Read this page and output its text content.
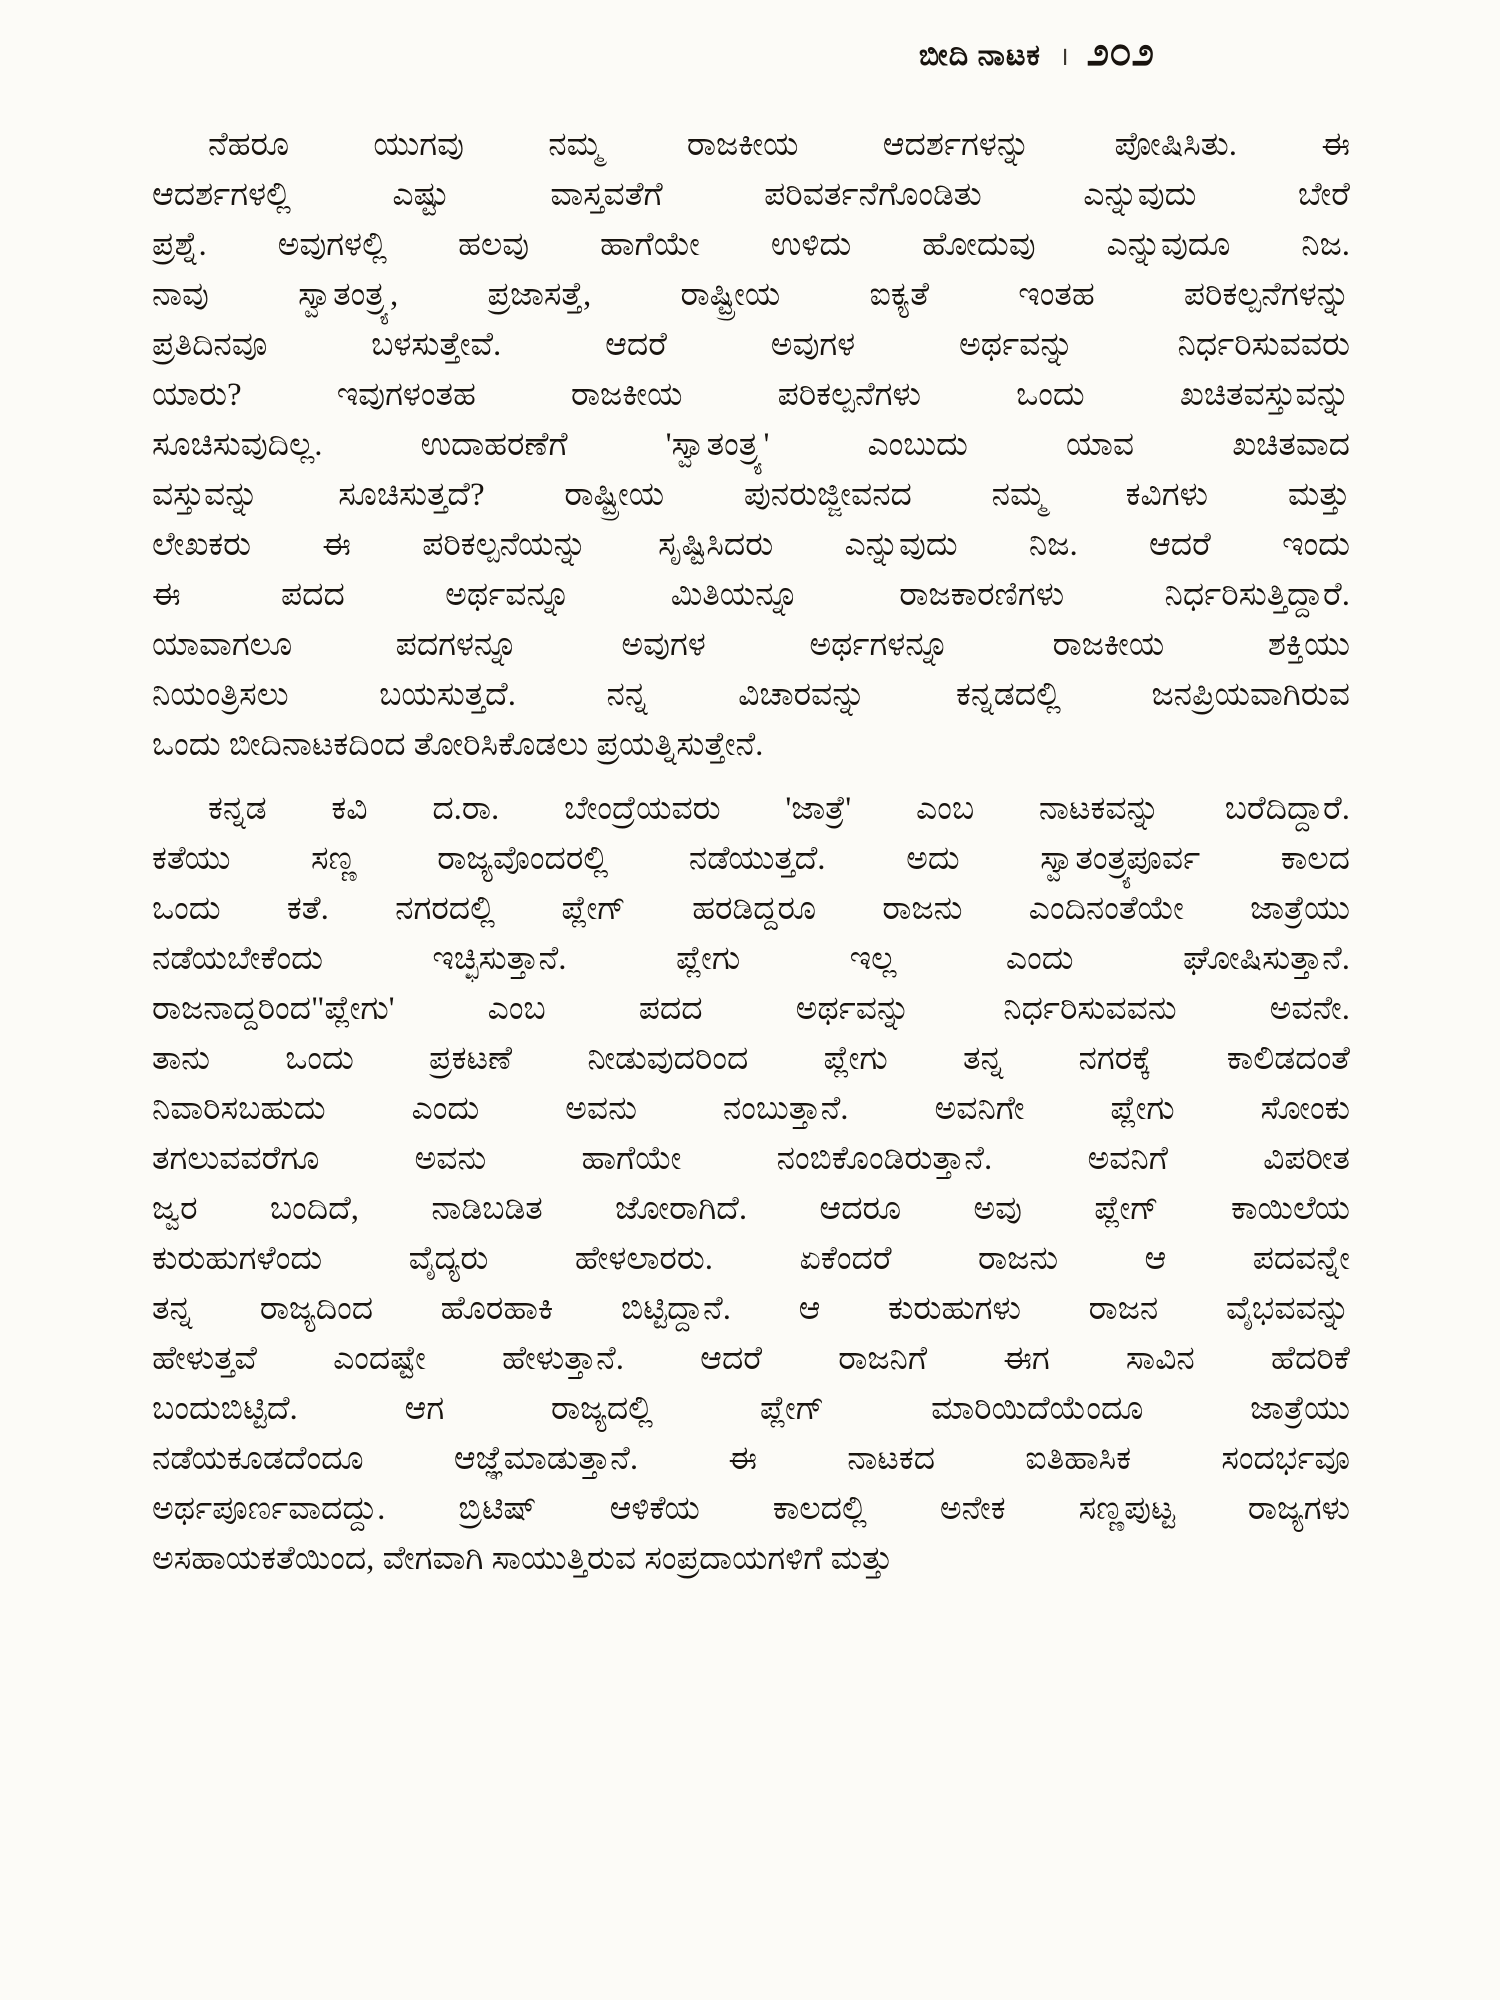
ಬೀದಿ ನಾಟಕ । ೨೦೨
ನೆಹರೂ ಯುಗವು ನಮ್ಮ ರಾಜಕೀಯ ಆದರ್ಶಗಳನ್ನು ಪೋಷಿಸಿತು. ಈ
ಆದರ್ಶಗಳಲ್ಲಿ ಎಷ್ಟು ವಾಸ್ತವತೆಗೆ ಪರಿವರ್ತನೆಗೊಂಡಿತು ಎನ್ನುವುದು ಬೇರೆ
ಪ್ರಶ್ನೆ. ಅವುಗಳಲ್ಲಿ ಹಲವು ಹಾಗೆಯೇ ಉಳಿದು ಹೋದುವು ಎನ್ನುವುದೂ ನಿಜ.
ನಾವು ಸ್ವಾತಂತ್ರ್ಯ, ಪ್ರಜಾಸತ್ತೆ, ರಾಷ್ಟ್ರೀಯ ಐಕ್ಯತೆ ಇಂತಹ ಪರಿಕಲ್ಪನೆಗಳನ್ನು
ಪ್ರತಿದಿನವೂ ಬಳಸುತ್ತೇವೆ. ಆದರೆ ಅವುಗಳ ಅರ್ಥವನ್ನು ನಿರ್ಧರಿಸುವವರು
ಯಾರು? ಇವುಗಳಂತಹ ರಾಜಕೀಯ ಪರಿಕಲ್ಪನೆಗಳು ಒಂದು ಖಚಿತವಸ್ತುವನ್ನು
ಸೂಚಿಸುವುದಿಲ್ಲ. ಉದಾಹರಣೆಗೆ 'ಸ್ವಾತಂತ್ರ್ಯ' ಎಂಬುದು ಯಾವ ಖಚಿತವಾದ
ವಸ್ತುವನ್ನು ಸೂಚಿಸುತ್ತದೆ? ರಾಷ್ಟ್ರೀಯ ಪುನರುಜ್ಜೀವನದ ನಮ್ಮ ಕವಿಗಳು ಮತ್ತು
ಲೇಖಕರು ಈ ಪರಿಕಲ್ಪನೆಯನ್ನು ಸೃಷ್ಟಿಸಿದರು ಎನ್ನುವುದು ನಿಜ. ಆದರೆ ಇಂದು
ಈ ಪದದ ಅರ್ಥವನ್ನೂ ಮಿತಿಯನ್ನೂ ರಾಜಕಾರಣಿಗಳು ನಿರ್ಧರಿಸುತ್ತಿದ್ದಾರೆ.
ಯಾವಾಗಲೂ ಪದಗಳನ್ನೂ ಅವುಗಳ ಅರ್ಥಗಳನ್ನೂ ರಾಜಕೀಯ ಶಕ್ತಿಯು
ನಿಯಂತ್ರಿಸಲು ಬಯಸುತ್ತದೆ. ನನ್ನ ವಿಚಾರವನ್ನು ಕನ್ನಡದಲ್ಲಿ ಜನಪ್ರಿಯವಾಗಿರುವ
ಒಂದು ಬೀದಿನಾಟಕದಿಂದ ತೋರಿಸಿಕೊಡಲು ಪ್ರಯತ್ನಿಸುತ್ತೇನೆ.
ಕನ್ನಡ ಕವಿ ದ.ರಾ. ಬೇಂದ್ರೆಯವರು 'ಜಾತ್ರೆ' ಎಂಬ ನಾಟಕವನ್ನು ಬರೆದಿದ್ದಾರೆ.
ಕತೆಯು ಸಣ್ಣ ರಾಜ್ಯವೊಂದರಲ್ಲಿ ನಡೆಯುತ್ತದೆ. ಅದು ಸ್ವಾತಂತ್ರ್ಯಪೂರ್ವ ಕಾಲದ
ಒಂದು ಕತೆ. ನಗರದಲ್ಲಿ ಪ್ಲೇಗ್ ಹರಡಿದ್ದರೂ ರಾಜನು ಎಂದಿನಂತೆಯೇ ಜಾತ್ರೆಯು
ನಡೆಯಬೇಕೆಂದು ಇಚ್ಛಿಸುತ್ತಾನೆ. ಪ್ಲೇಗು ಇಲ್ಲ ಎಂದು ಘೋಷಿಸುತ್ತಾನೆ.
ರಾಜನಾದ್ದರಿಂದ"ಪ್ಲೇಗು' ಎಂಬ ಪದದ ಅರ್ಥವನ್ನು ನಿರ್ಧರಿಸುವವನು ಅವನೇ.
ತಾನು ಒಂದು ಪ್ರಕಟಣೆ ನೀಡುವುದರಿಂದ ಪ್ಲೇಗು ತನ್ನ ನಗರಕ್ಕೆ ಕಾಲಿಡದಂತೆ
ನಿವಾರಿಸಬಹುದು ಎಂದು ಅವನು ನಂಬುತ್ತಾನೆ. ಅವನಿಗೇ ಪ್ಲೇಗು ಸೋಂಕು
ತಗಲುವವರೆಗೂ ಅವನು ಹಾಗೆಯೇ ನಂಬಿಕೊಂಡಿರುತ್ತಾನೆ. ಅವನಿಗೆ ವಿಪರೀತ
ಜ್ವರ ಬಂದಿದೆ, ನಾಡಿಬಡಿತ ಜೋರಾಗಿದೆ. ಆದರೂ ಅವು ಪ್ಲೇಗ್ ಕಾಯಿಲೆಯ
ಕುರುಹುಗಳೆಂದು ವೈದ್ಯರು ಹೇಳಲಾರರು. ಏಕೆಂದರೆ ರಾಜನು ಆ ಪದವನ್ನೇ
ತನ್ನ ರಾಜ್ಯದಿಂದ ಹೊರಹಾಕಿ ಬಿಟ್ಟಿದ್ದಾನೆ. ಆ ಕುರುಹುಗಳು ರಾಜನ ವೈಭವವನ್ನು
ಹೇಳುತ್ತವೆ ಎಂದಷ್ಟೇ ಹೇಳುತ್ತಾನೆ. ಆದರೆ ರಾಜನಿಗೆ ಈಗ ಸಾವಿನ ಹೆದರಿಕೆ
ಬಂದುಬಿಟ್ಟಿದೆ. ಆಗ ರಾಜ್ಯದಲ್ಲಿ ಪ್ಲೇಗ್ ಮಾರಿಯಿದೆಯೆಂದೂ ಜಾತ್ರೆಯು
ನಡೆಯಕೂಡದೆಂದೂ ಆಜ್ಞೆಮಾಡುತ್ತಾನೆ. ಈ ನಾಟಕದ ಐತಿಹಾಸಿಕ ಸಂದರ್ಭವೂ
ಅರ್ಥಪೂರ್ಣವಾದದ್ದು. ಬ್ರಿಟಿಷ್ ಆಳಿಕೆಯ ಕಾಲದಲ್ಲಿ ಅನೇಕ ಸಣ್ಣಪುಟ್ಟ ರಾಜ್ಯಗಳು
ಅಸಹಾಯಕತೆಯಿಂದ, ವೇಗವಾಗಿ ಸಾಯುತ್ತಿರುವ ಸಂಪ್ರದಾಯಗಳಿಗೆ ಮತ್ತು
